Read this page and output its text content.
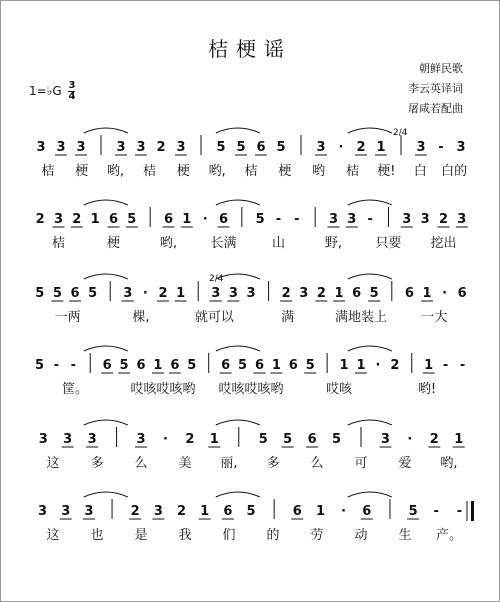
桔梗谣
朝鲜民歌
李云英译词
屠咸若配曲
1=♭G $\frac{3}{4}$
3 3 3 3 3 2 3 5 5 6 5 3 · 2 1 3 - 3
2/4
桔 梗 哟, 桔 梗 哟, 桔 梗 哟 桔 梗! 白 白的
2 3 2 1 6 5 6 1 · 6 5 - - 3 3 - 3 3 2 3
桔	梗	哟,	长满	山	野,	只要 挖出
5 5 6 5 3 · 2 1 3 3 3 2 3 2 1 6 5 6 1 · 6
2/4
一两	棵,	就可以	满	满地装上	一大
5 - - 6 5 6 1 6 5 6 5 6 1 6 5 1 1 · 2 1 - -
筐。	哎咳哎咳哟 哎咳哎咳哟	哎咳	哟!
3 3 3	3 · 2 1	5 5 6 5	3 · 2 1
这 多 么 美 丽, 多 么 可 爱 哟,
3 3 3	2 3 2 1 6 5	6 1 · 6	5 - -
这 也 是 我 们 的 劳 动 生 产。
